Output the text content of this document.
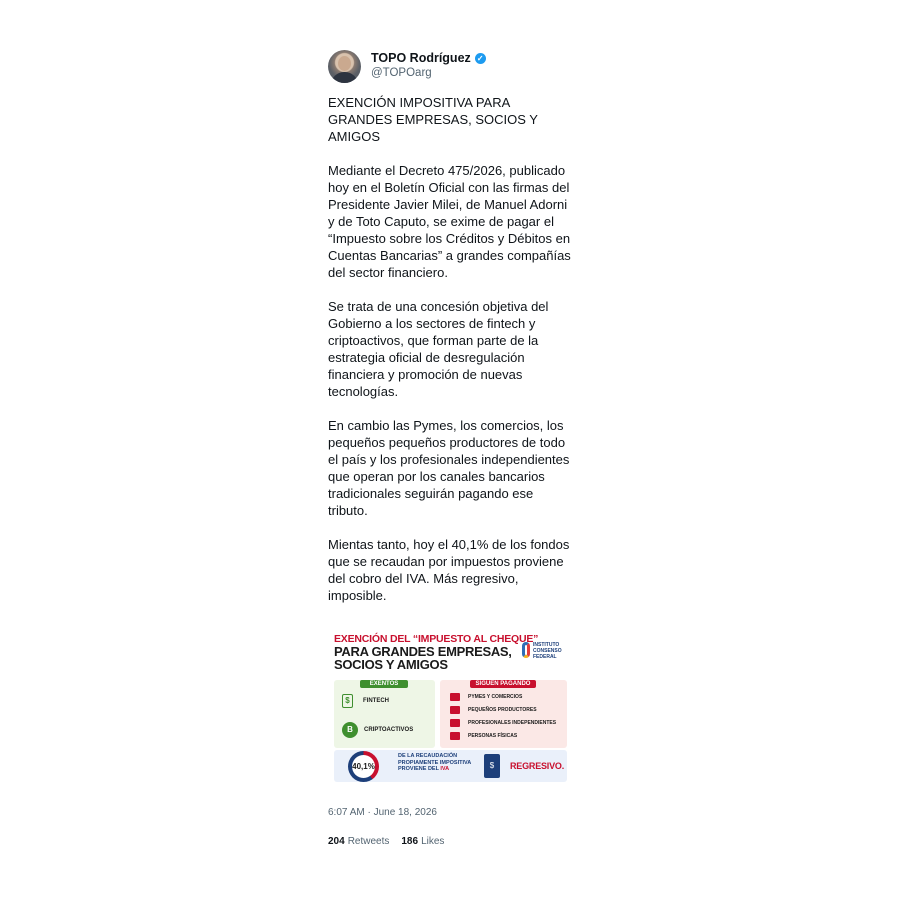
TOPO Rodríguez ✓
@TOPOarg

EXENCIÓN IMPOSITIVA PARA GRANDES EMPRESAS, SOCIOS Y AMIGOS

Mediante el Decreto 475/2026, publicado hoy en el Boletín Oficial con las firmas del Presidente Javier Milei, de Manuel Adorni y de Toto Caputo, se exime de pagar el “Impuesto sobre los Créditos y Débitos en Cuentas Bancarias” a grandes compañías del sector financiero.

Se trata de una concesión objetiva del Gobierno a los sectores de fintech y criptoactivos, que forman parte de la estrategia oficial de desregulación financiera y promoción de nuevas tecnologías.

En cambio las Pymes, los comercios, los pequeños pequeños productores de todo el país y los profesionales independientes que operan por los canales bancarios tradicionales seguirán pagando ese tributo.

Mientas tanto, hoy el 40,1% de los fondos que se recaudan por impuestos proviene del cobro del IVA. Más regresivo, imposible.

EXENCIÓN DEL “IMPUESTO AL CHEQUE”
PARA GRANDES EMPRESAS,
SOCIOS Y AMIGOS
INSTITUTO
CONSENSO
FEDERAL
EXENTOS
$	FINTECH
B	CRIPTOACTIVOS
SIGUEN PAGANDO
PYMES Y COMERCIOS
PEQUEÑOS PRODUCTORES
PROFESIONALES INDEPENDIENTES
PERSONAS FÍSICAS
40,1%
DE LA RECAUDACIÓN
PROPIAMENTE IMPOSITIVA
PROVIENE DEL IVA	$	REGRESIVO.
6:07 AM · June 18, 2026
204 Retweets 186 Likes
